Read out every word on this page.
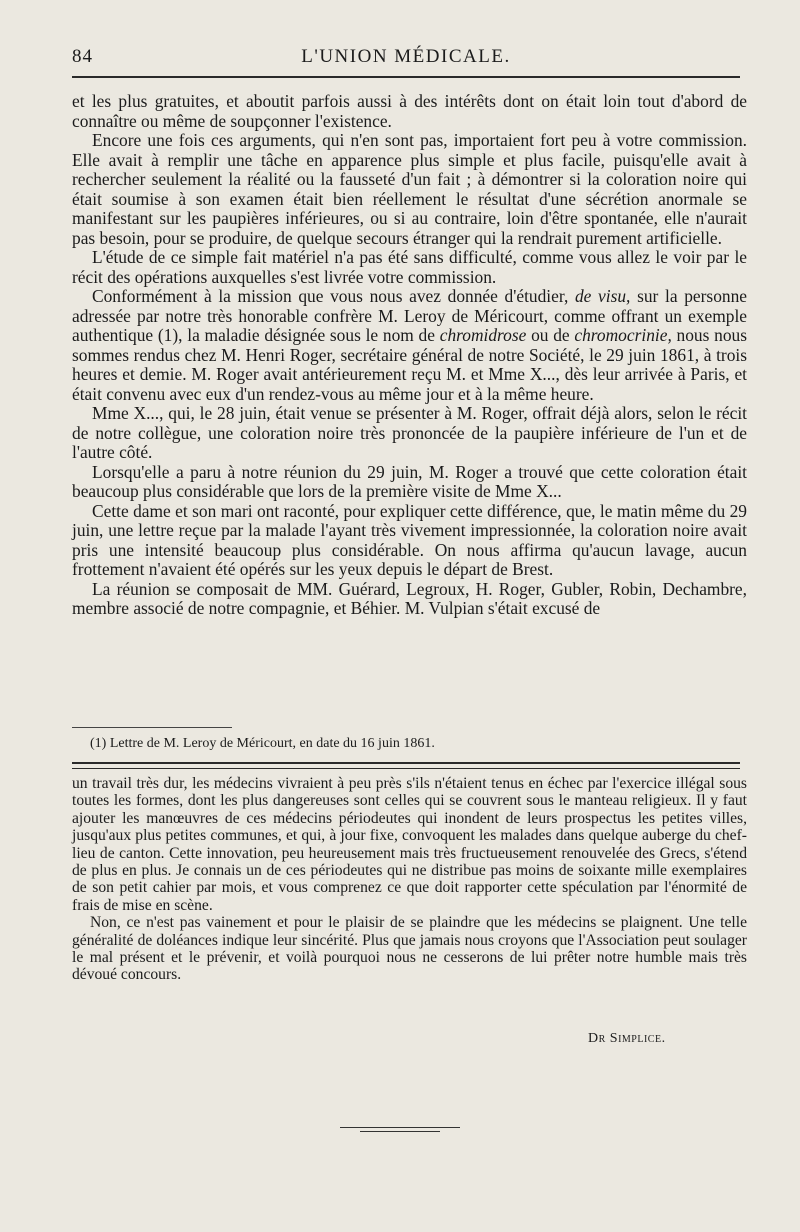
84	L'UNION MÉDICALE.

et les plus gratuites, et aboutit parfois aussi à des intérêts dont on était loin tout d'abord de connaître ou même de soupçonner l'existence.

Encore une fois ces arguments, qui n'en sont pas, importaient fort peu à votre commission. Elle avait à remplir une tâche en apparence plus simple et plus facile, puisqu'elle avait à rechercher seulement la réalité ou la fausseté d'un fait ; à démontrer si la coloration noire qui était soumise à son examen était bien réellement le résultat d'une sécrétion anormale se manifestant sur les paupières inférieures, ou si au contraire, loin d'être spontanée, elle n'aurait pas besoin, pour se produire, de quelque secours étranger qui la rendrait purement artificielle.

L'étude de ce simple fait matériel n'a pas été sans difficulté, comme vous allez le voir par le récit des opérations auxquelles s'est livrée votre commission.

Conformément à la mission que vous nous avez donnée d'étudier, de visu, sur la personne adressée par notre très honorable confrère M. Leroy de Méricourt, comme offrant un exemple authentique (1), la maladie désignée sous le nom de chromidrose ou de chromocrinie, nous nous sommes rendus chez M. Henri Roger, secrétaire général de notre Société, le 29 juin 1861, à trois heures et demie. M. Roger avait antérieurement reçu M. et Mme X..., dès leur arrivée à Paris, et était convenu avec eux d'un rendez-vous au même jour et à la même heure.

Mme X..., qui, le 28 juin, était venue se présenter à M. Roger, offrait déjà alors, selon le récit de notre collègue, une coloration noire très prononcée de la paupière inférieure de l'un et de l'autre côté.

Lorsqu'elle a paru à notre réunion du 29 juin, M. Roger a trouvé que cette coloration était beaucoup plus considérable que lors de la première visite de Mme X...

Cette dame et son mari ont raconté, pour expliquer cette différence, que, le matin même du 29 juin, une lettre reçue par la malade l'ayant très vivement impressionnée, la coloration noire avait pris une intensité beaucoup plus considérable. On nous affirma qu'aucun lavage, aucun frottement n'avaient été opérés sur les yeux depuis le départ de Brest.

La réunion se composait de MM. Guérard, Legroux, H. Roger, Gubler, Robin, Dechambre, membre associé de notre compagnie, et Béhier. M. Vulpian s'était excusé de

(1) Lettre de M. Leroy de Méricourt, en date du 16 juin 1861.

un travail très dur, les médecins vivraient à peu près s'ils n'étaient tenus en échec par l'exercice illégal sous toutes les formes, dont les plus dangereuses sont celles qui se couvrent sous le manteau religieux. Il y faut ajouter les manœuvres de ces médecins périodeutes qui inondent de leurs prospectus les petites villes, jusqu'aux plus petites communes, et qui, à jour fixe, convoquent les malades dans quelque auberge du chef-lieu de canton. Cette innovation, peu heureusement mais très fructueusement renouvelée des Grecs, s'étend de plus en plus. Je connais un de ces périodeutes qui ne distribue pas moins de soixante mille exemplaires de son petit cahier par mois, et vous comprenez ce que doit rapporter cette spéculation par l'énormité de frais de mise en scène.

Non, ce n'est pas vainement et pour le plaisir de se plaindre que les médecins se plaignent. Une telle généralité de doléances indique leur sincérité. Plus que jamais nous croyons que l'Association peut soulager le mal présent et le prévenir, et voilà pourquoi nous ne cesserons de lui prêter notre humble mais très dévoué concours.

Dr Simplice.
